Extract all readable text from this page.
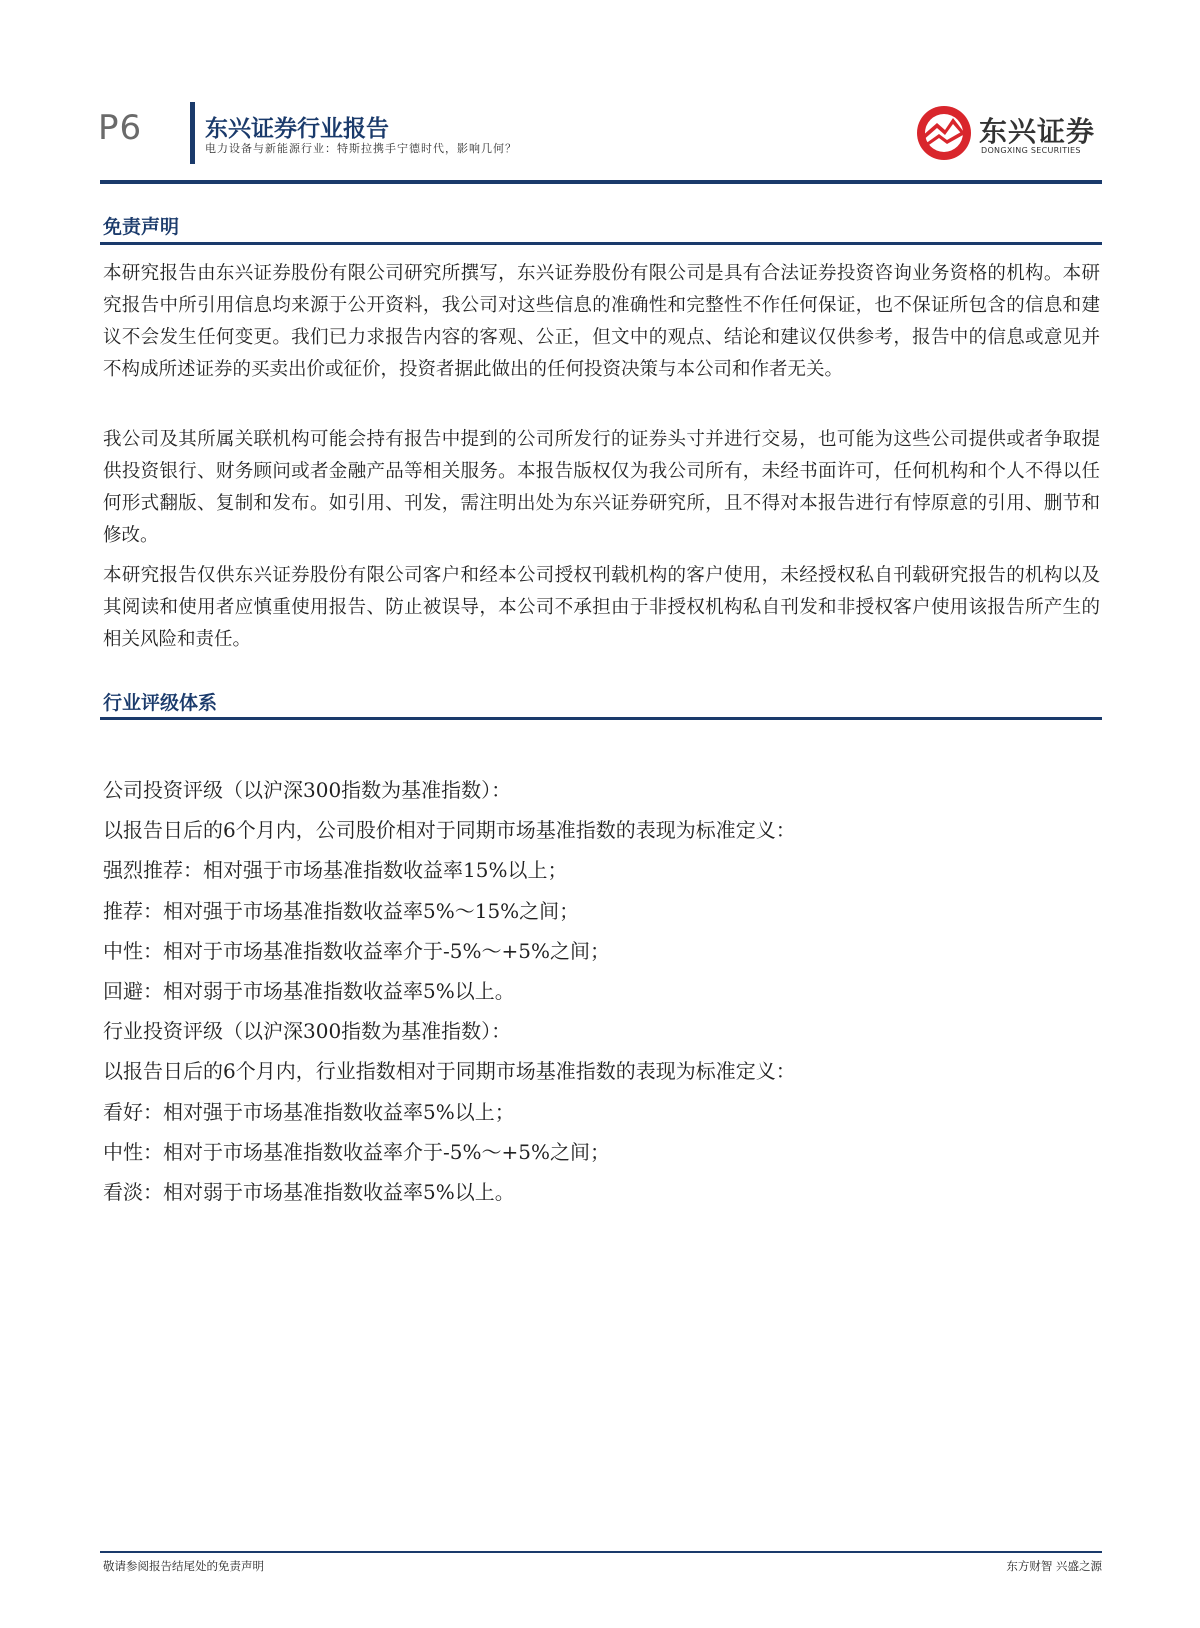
P6	东兴证券行业报告
电力设备与新能源行业：特斯拉携手宁德时代，影响几何？
东兴证券
DONGXING SECURITIES
免责声明

本研究报告由东兴证券股份有限公司研究所撰写，东兴证券股份有限公司是具有合法证券投资咨询业务资格的机构。本研究报告中所引用信息均来源于公开资料，我公司对这些信息的准确性和完整性不作任何保证，也不保证所包含的信息和建议不会发生任何变更。我们已力求报告内容的客观、公正，但文中的观点、结论和建议仅供参考，报告中的信息或意见并不构成所述证券的买卖出价或征价，投资者据此做出的任何投资决策与本公司和作者无关。

我公司及其所属关联机构可能会持有报告中提到的公司所发行的证券头寸并进行交易，也可能为这些公司提供或者争取提供投资银行、财务顾问或者金融产品等相关服务。本报告版权仅为我公司所有，未经书面许可，任何机构和个人不得以任何形式翻版、复制和发布。如引用、刊发，需注明出处为东兴证券研究所，且不得对本报告进行有悖原意的引用、删节和修改。

本研究报告仅供东兴证券股份有限公司客户和经本公司授权刊载机构的客户使用，未经授权私自刊载研究报告的机构以及其阅读和使用者应慎重使用报告、防止被误导，本公司不承担由于非授权机构私自刊发和非授权客户使用该报告所产生的相关风险和责任。

行业评级体系
公司投资评级（以沪深300指数为基准指数）：
以报告日后的6个月内，公司股价相对于同期市场基准指数的表现为标准定义：
强烈推荐：相对强于市场基准指数收益率15%以上；
推荐：相对强于市场基准指数收益率5%～15%之间；
中性：相对于市场基准指数收益率介于-5%～+5%之间；
回避：相对弱于市场基准指数收益率5%以上。
行业投资评级（以沪深300指数为基准指数）：
以报告日后的6个月内，行业指数相对于同期市场基准指数的表现为标准定义：
看好：相对强于市场基准指数收益率5%以上；
中性：相对于市场基准指数收益率介于-5%～+5%之间；
看淡：相对弱于市场基准指数收益率5%以上。
敬请参阅报告结尾处的免责声明	东方财智 兴盛之源
